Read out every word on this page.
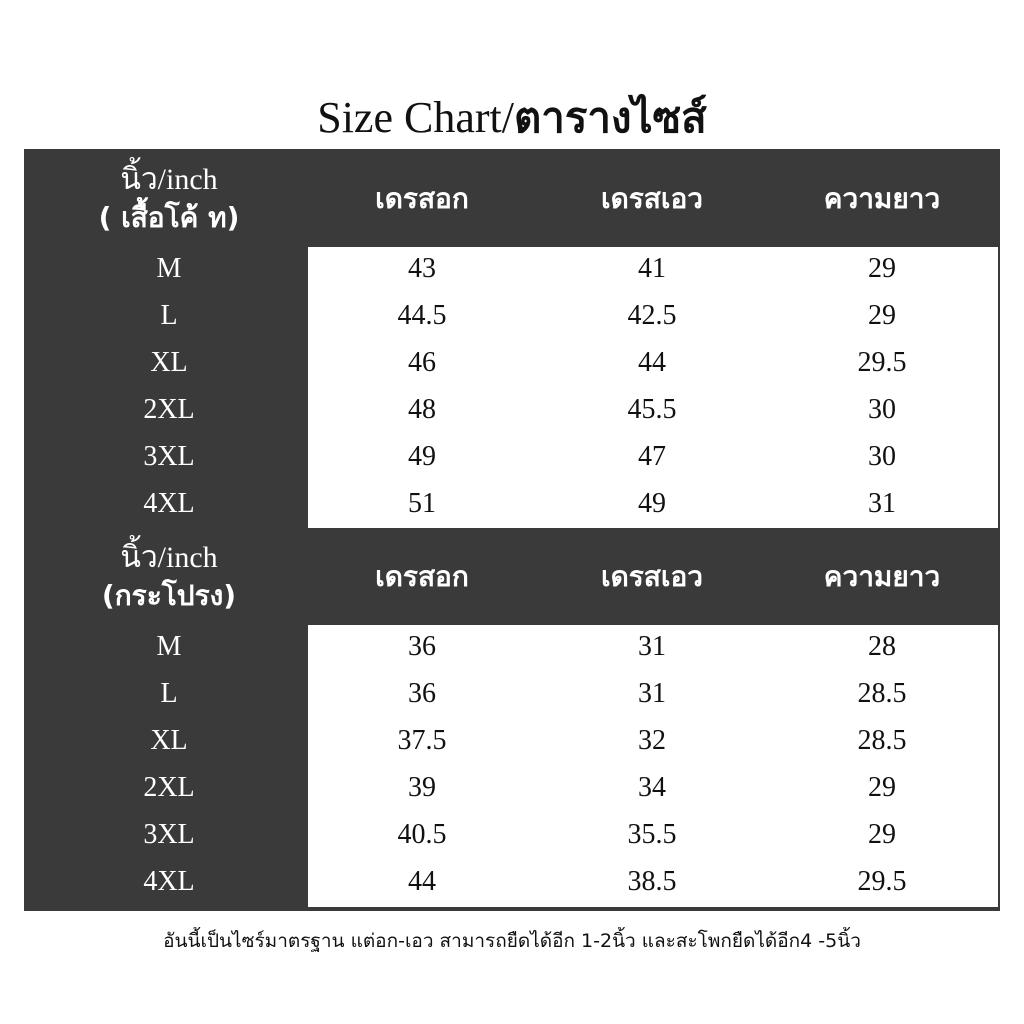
Size Chart/ตารางไซส์
นิ้ว/inch
( เสื้อโค้ ท)
เดรสอก	เดรสเอว	ความยาว
M	43	41	29
L	44.5	42.5	29
XL	46	44	29.5
2XL	48	45.5	30
3XL	49	47	30
4XL	51	49	31
นิ้ว/inch
(กระโปรง)
เดรสอก	เดรสเอว	ความยาว
M	36	31	28
L	36	31	28.5
XL	37.5	32	28.5
2XL	39	34	29
3XL	40.5	35.5	29
4XL	44	38.5	29.5
อันนี้เป็นไซร์มาตรฐาน แต่อก-เอว สามารถยืดได้อีก 1-2นิ้ว และสะโพกยืดได้อีก4 -5นิ้ว
